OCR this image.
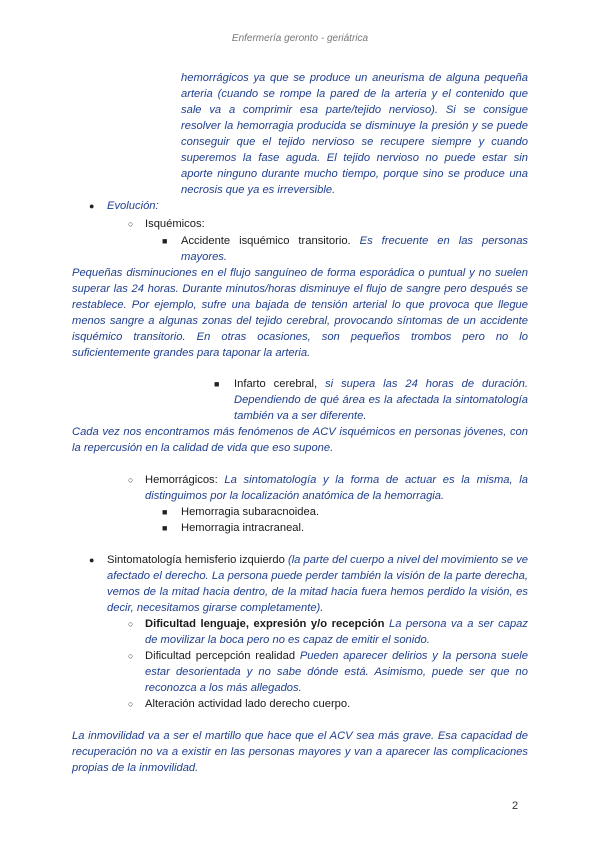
Enfermería geronto - geriátrica
hemorrágicos ya que se produce un aneurisma de alguna pequeña arteria (cuando se rompe la pared de la arteria y el contenido que sale va a comprimir esa parte/tejido nervioso). Si se consigue resolver la hemorragia producida se disminuye la presión y se puede conseguir que el tejido nervioso se recupere siempre y cuando superemos la fase aguda. El tejido nervioso no puede estar sin aporte ninguno durante mucho tiempo, porque sino se produce una necrosis que ya es irreversible.
● Evolución:
○ Isquémicos:
■ Accidente isquémico transitorio. Es frecuente en las personas mayores.
Pequeñas disminuciones en el flujo sanguíneo de forma esporádica o puntual y no suelen superar las 24 horas. Durante minutos/horas disminuye el flujo de sangre pero después se restablece. Por ejemplo, sufre una bajada de tensión arterial lo que provoca que llegue menos sangre a algunas zonas del tejido cerebral, provocando síntomas de un accidente isquémico transitorio. En otras ocasiones, son pequeños trombos pero no lo suficientemente grandes para taponar la arteria.
■ Infarto cerebral, si supera las 24 horas de duración. Dependiendo de qué área es la afectada la sintomatología también va a ser diferente.
Cada vez nos encontramos más fenómenos de ACV isquémicos en personas jóvenes, con la repercusión en la calidad de vida que eso supone.
○ Hemorrágicos: La sintomatología y la forma de actuar es la misma, la distinguimos por la localización anatómica de la hemorragia.
■ Hemorragia subaracnoidea.
■ Hemorragia intracraneal.
● Sintomatología hemisferio izquierdo (la parte del cuerpo a nivel del movimiento se ve afectado el derecho. La persona puede perder también la visión de la parte derecha, vemos de la mitad hacia dentro, de la mitad hacia fuera hemos perdido la visión, es decir, necesitamos girarse completamente).
○ Dificultad lenguaje, expresión y/o recepción La persona va a ser capaz de movilizar la boca pero no es capaz de emitir el sonido.
○ Dificultad percepción realidad Pueden aparecer delirios y la persona suele estar desorientada y no sabe dónde está. Asimismo, puede ser que no reconozca a los más allegados.
○ Alteración actividad lado derecho cuerpo.
La inmovilidad va a ser el martillo que hace que el ACV sea más grave. Esa capacidad de recuperación no va a existir en las personas mayores y van a aparecer las complicaciones propias de la inmovilidad.
2
